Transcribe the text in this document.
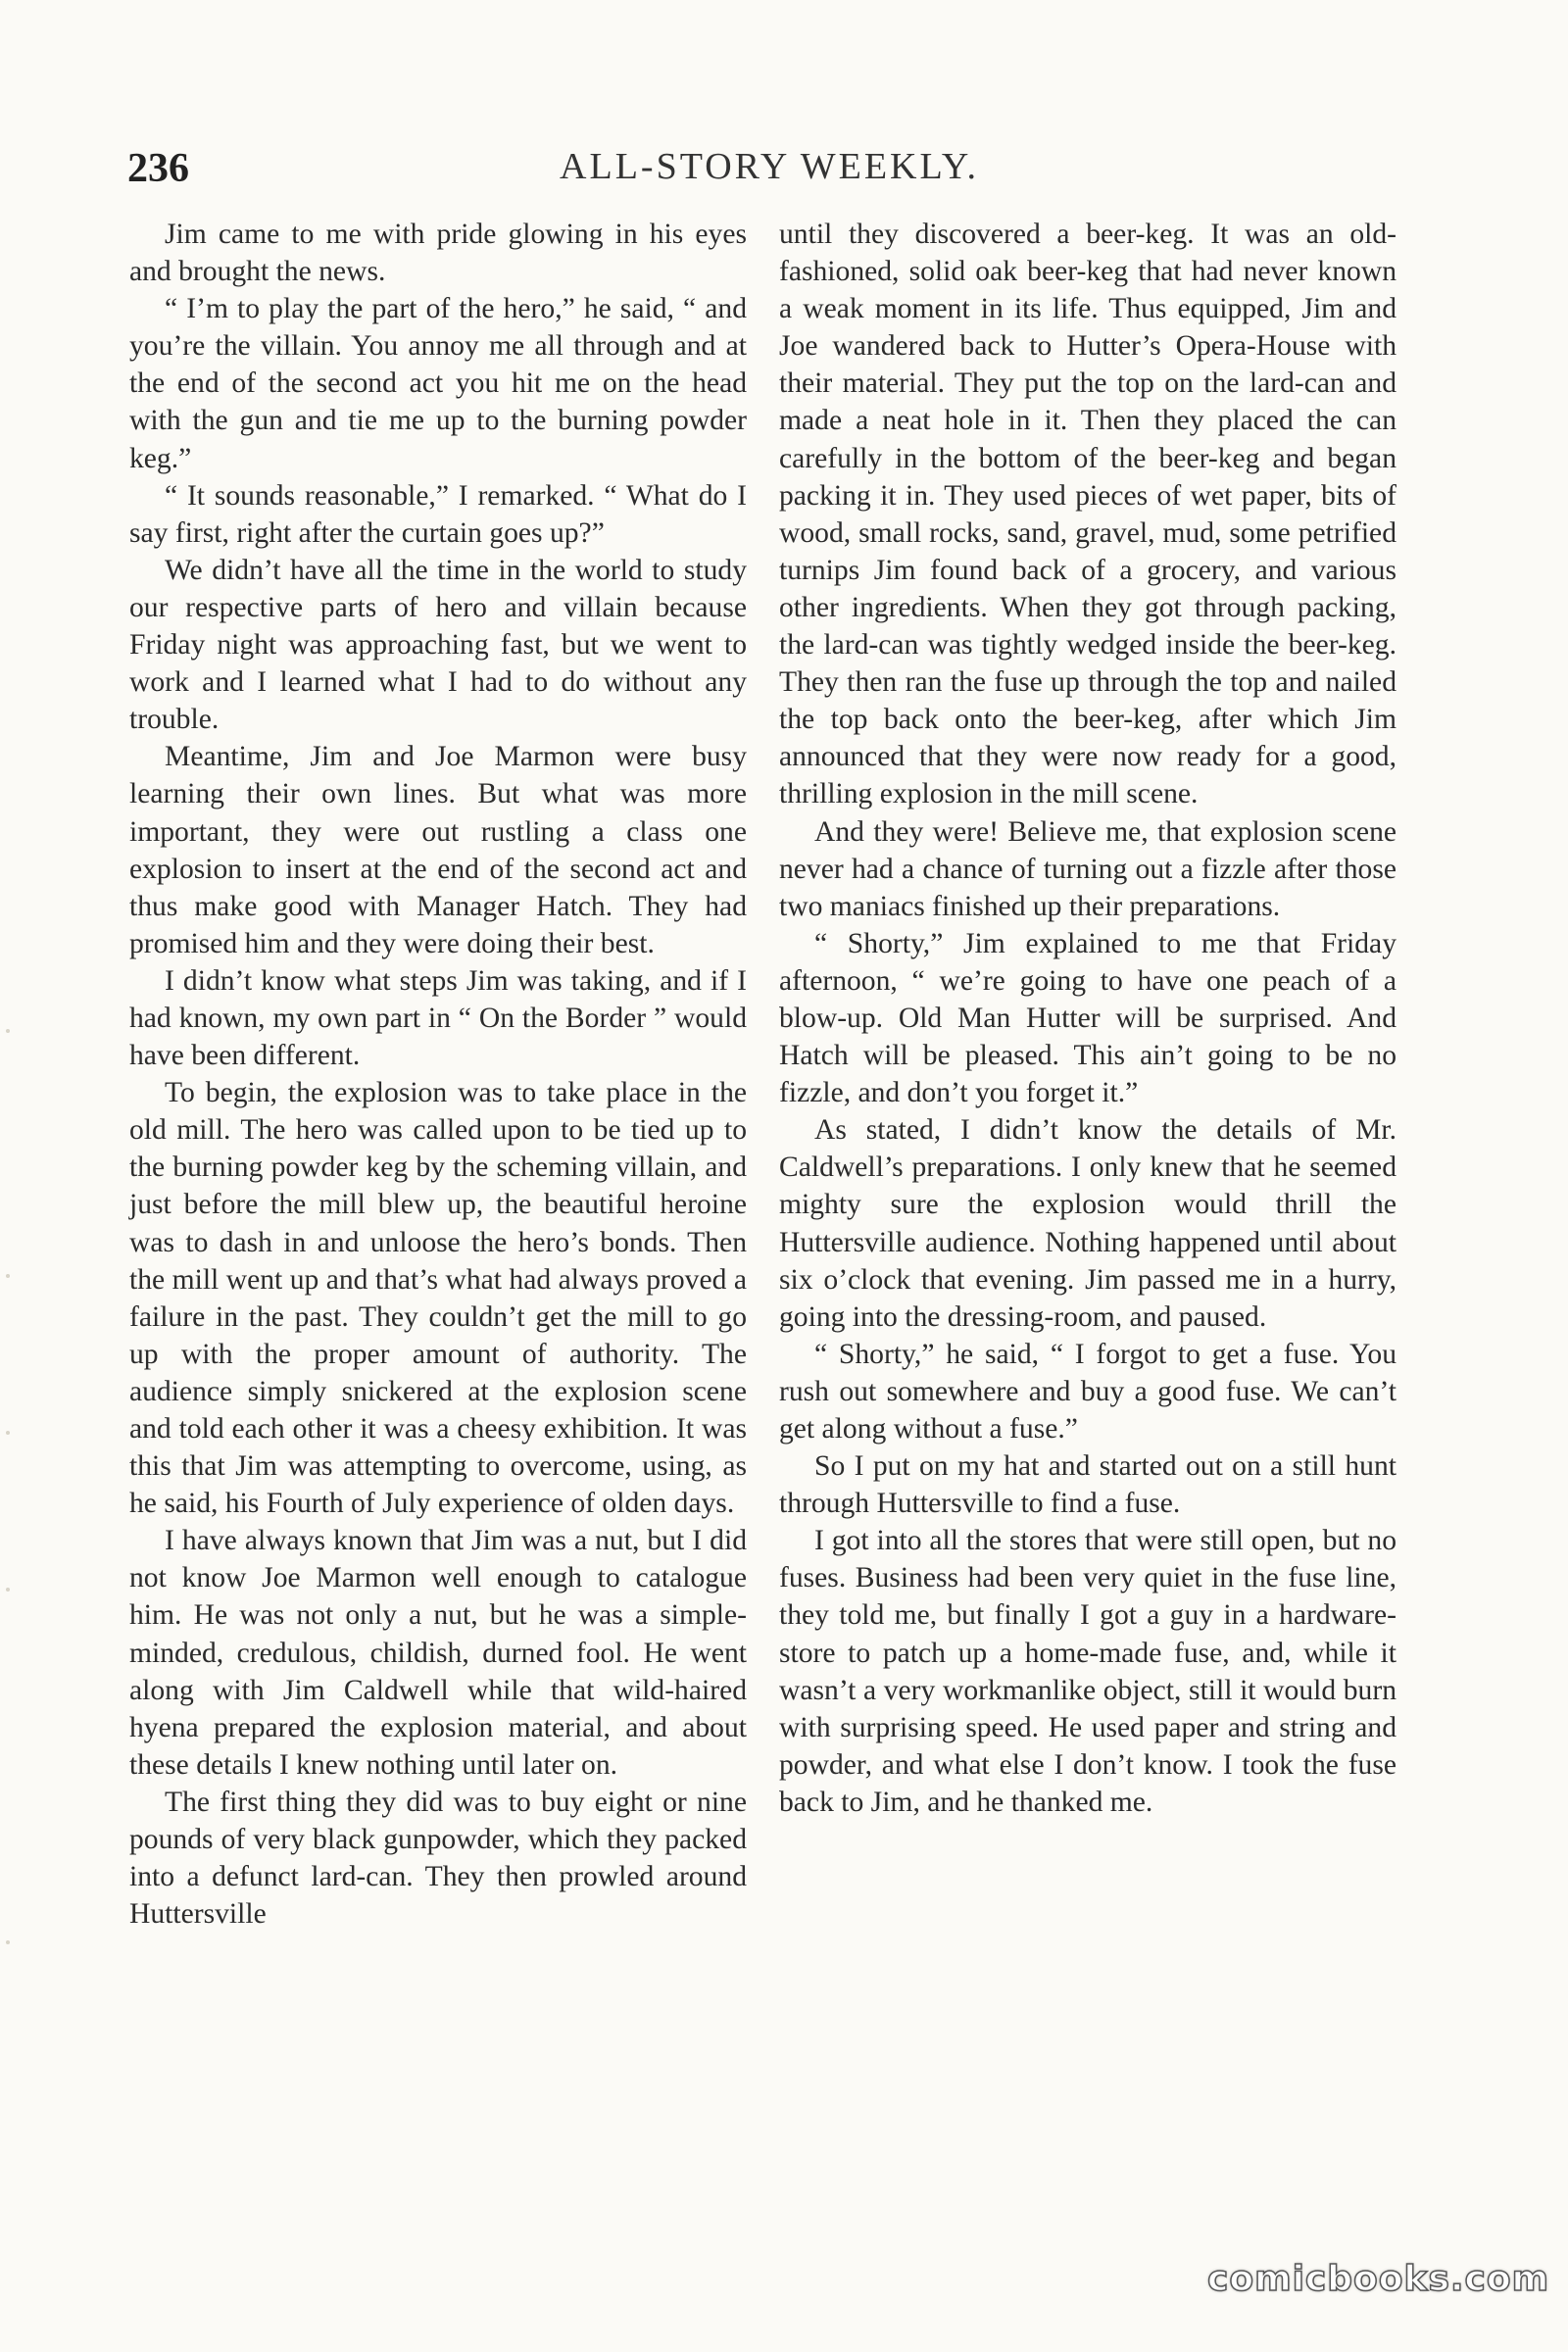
236	ALL-STORY WEEKLY.

Jim came to me with pride glowing in his eyes and brought the news.

“ I’m to play the part of the hero,” he said, “ and you’re the villain. You annoy me all through and at the end of the second act you hit me on the head with the gun and tie me up to the burning powder keg.”

“ It sounds reasonable,” I remarked. “ What do I say first, right after the curtain goes up?”

We didn’t have all the time in the world to study our respective parts of hero and villain because Friday night was approaching fast, but we went to work and I learned what I had to do without any trouble.

Meantime, Jim and Joe Marmon were busy learning their own lines. But what was more important, they were out rustling a class one explosion to insert at the end of the second act and thus make good with Manager Hatch. They had promised him and they were doing their best.

I didn’t know what steps Jim was taking, and if I had known, my own part in “ On the Border ” would have been different.

To begin, the explosion was to take place in the old mill. The hero was called upon to be tied up to the burning powder keg by the scheming villain, and just before the mill blew up, the beautiful heroine was to dash in and unloose the hero’s bonds. Then the mill went up and that’s what had always proved a failure in the past. They couldn’t get the mill to go up with the proper amount of authority. The audience simply snickered at the explosion scene and told each other it was a cheesy exhibition. It was this that Jim was attempting to overcome, using, as he said, his Fourth of July experience of olden days.

I have always known that Jim was a nut, but I did not know Joe Marmon well enough to catalogue him. He was not only a nut, but he was a simple-minded, credulous, childish, durned fool. He went along with Jim Caldwell while that wild-haired hyena prepared the explosion material, and about these details I knew nothing until later on.

The first thing they did was to buy eight or nine pounds of very black gunpowder, which they packed into a defunct lard-can. They then prowled around Huttersville

until they discovered a beer-keg. It was an old-fashioned, solid oak beer-keg that had never known a weak moment in its life. Thus equipped, Jim and Joe wandered back to Hutter’s Opera-House with their material. They put the top on the lard-can and made a neat hole in it. Then they placed the can carefully in the bottom of the beer-keg and began packing it in. They used pieces of wet paper, bits of wood, small rocks, sand, gravel, mud, some petrified turnips Jim found back of a grocery, and various other ingredients. When they got through packing, the lard-can was tightly wedged inside the beer-keg. They then ran the fuse up through the top and nailed the top back onto the beer-keg, after which Jim announced that they were now ready for a good, thrilling explosion in the mill scene.

And they were! Believe me, that explosion scene never had a chance of turning out a fizzle after those two maniacs finished up their preparations.

“ Shorty,” Jim explained to me that Friday afternoon, “ we’re going to have one peach of a blow-up. Old Man Hutter will be surprised. And Hatch will be pleased. This ain’t going to be no fizzle, and don’t you forget it.”

As stated, I didn’t know the details of Mr. Caldwell’s preparations. I only knew that he seemed mighty sure the explosion would thrill the Huttersville audience. Nothing happened until about six o’clock that evening. Jim passed me in a hurry, going into the dressing-room, and paused.

“ Shorty,” he said, “ I forgot to get a fuse. You rush out somewhere and buy a good fuse. We can’t get along without a fuse.”

So I put on my hat and started out on a still hunt through Huttersville to find a fuse.

I got into all the stores that were still open, but no fuses. Business had been very quiet in the fuse line, they told me, but finally I got a guy in a hardware-store to patch up a home-made fuse, and, while it wasn’t a very workmanlike object, still it would burn with surprising speed. He used paper and string and powder, and what else I don’t know. I took the fuse back to Jim, and he thanked me.

comicbooks.com
